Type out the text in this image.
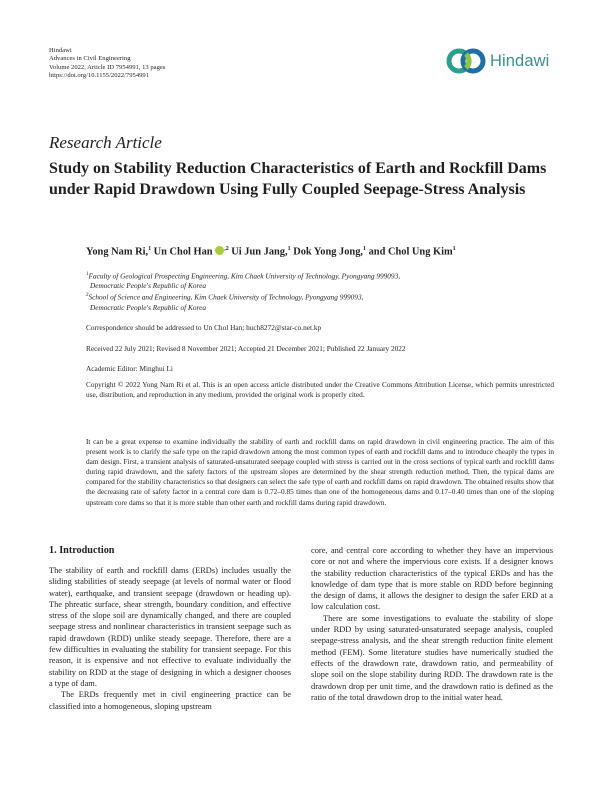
Hindawi
Advances in Civil Engineering
Volume 2022, Article ID 7954991, 13 pages
https://doi.org/10.1155/2022/7954991
Hindawi
Research Article
Study on Stability Reduction Characteristics of Earth and Rockfill Dams under Rapid Drawdown Using Fully Coupled Seepage-Stress Analysis
Yong Nam Ri,$^1$ Un Chol Han $^{,2}$ Ui Jun Jang,$^1$ Dok Yong Jong,$^1$ and Chol Ung Kim$^1$
$^1$Faculty of Geological Prospecting Engineering, Kim Chaek University of Technology, Pyongyang 999093,
Democratic People's Republic of Korea
$^2$School of Science and Engineering, Kim Chaek University of Technology, Pyongyang 999093,
Democratic People's Republic of Korea
Correspondence should be addressed to Un Chol Han; huch8272@star-co.net.kp
Received 22 July 2021; Revised 8 November 2021; Accepted 21 December 2021; Published 22 January 2022
Academic Editor: Minghui Li
Copyright © 2022 Yong Nam Ri et al. This is an open access article distributed under the Creative Commons Attribution License, which permits unrestricted use, distribution, and reproduction in any medium, provided the original work is properly cited.
It can be a great expense to examine individually the stability of earth and rockfill dams on rapid drawdown in civil engineering practice. The aim of this present work is to clarify the safe type on the rapid drawdown among the most common types of earth and rockfill dams and to introduce cheaply the types in dam design. First, a transient analysis of saturated-unsaturated seepage coupled with stress is carried out in the cross sections of typical earth and rockfill dams during rapid drawdown, and the safety factors of the upstream slopes are determined by the shear strength reduction method. Then, the typical dams are compared for the stability characteristics so that designers can select the safe type of earth and rockfill dams on rapid drawdown. The obtained results show that the decreasing rate of safety factor in a central core dam is 0.72–0.85 times than one of the homogeneous dams and 0.17–0.40 times than one of the sloping upstream core dams so that it is more stable than other earth and rockfill dams during rapid drawdown.
1. Introduction

The stability of earth and rockfill dams (ERDs) includes usually the sliding stabilities of steady seepage (at levels of normal water or flood water), earthquake, and transient seepage (drawdown or heading up). The phreatic surface, shear strength, boundary condition, and effective stress of the slope soil are dynamically changed, and there are coupled seepage stress and nonlinear characteristics in transient seepage such as rapid drawdown (RDD) unlike steady seepage. Therefore, there are a few difficulties in evaluating the stability for transient seepage. For this reason, it is expensive and not effective to evaluate individually the stability on RDD at the stage of designing in which a designer chooses a type of dam.

The ERDs frequently met in civil engineering practice can be classified into a homogeneous, sloping upstream

core, and central core according to whether they have an impervious core or not and where the impervious core exists. If a designer knows the stability reduction characteristics of the typical ERDs and has the knowledge of dam type that is more stable on RDD before beginning the design of dams, it allows the designer to design the safer ERD at a low calculation cost.

There are some investigations to evaluate the stability of slope under RDD by using saturated-unsaturated seepage analysis, coupled seepage-stress analysis, and the shear strength reduction finite element method (FEM). Some literature studies have numerically studied the effects of the drawdown rate, drawdown ratio, and permeability of slope soil on the slope stability during RDD. The drawdown rate is the drawdown drop per unit time, and the drawdown ratio is defined as the ratio of the total drawdown drop to the initial water head.
